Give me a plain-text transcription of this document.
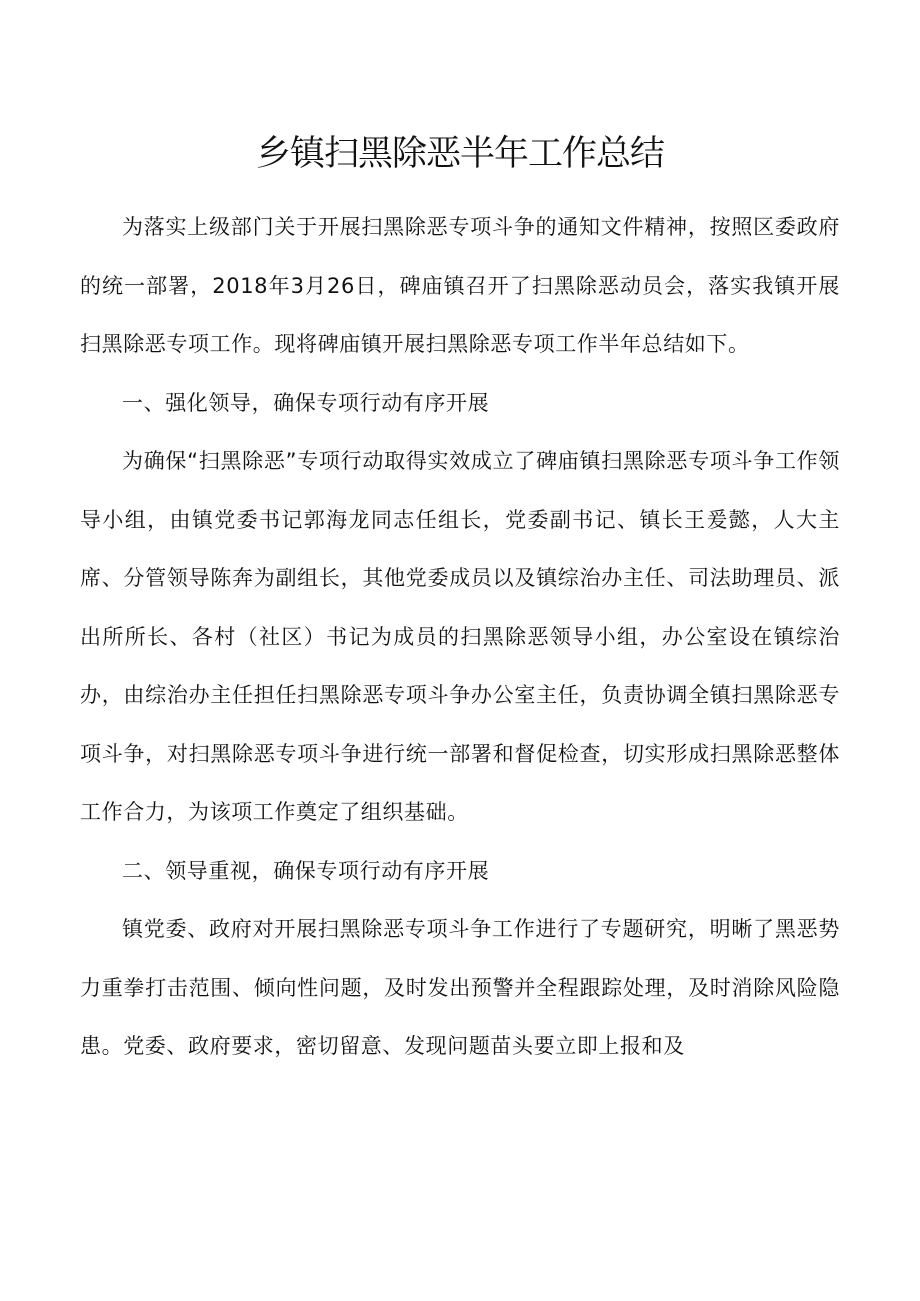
乡镇扫黑除恶半年工作总结

为落实上级部门关于开展扫黑除恶专项斗争的通知文件精神，按照区委政府的统一部署，2018年3月26日，碑庙镇召开了扫黑除恶动员会，落实我镇开展扫黑除恶专项工作。现将碑庙镇开展扫黑除恶专项工作半年总结如下。

一、强化领导，确保专项行动有序开展

为确保“扫黑除恶”专项行动取得实效成立了碑庙镇扫黑除恶专项斗争工作领导小组，由镇党委书记郭海龙同志任组长，党委副书记、镇长王爰懿，人大主席、分管领导陈奔为副组长，其他党委成员以及镇综治办主任、司法助理员、派出所所长、各村（社区）书记为成员的扫黑除恶领导小组，办公室设在镇综治办，由综治办主任担任扫黑除恶专项斗争办公室主任，负责协调全镇扫黑除恶专项斗争，对扫黑除恶专项斗争进行统一部署和督促检查，切实形成扫黑除恶整体工作合力，为该项工作奠定了组织基础。

二、领导重视，确保专项行动有序开展

镇党委、政府对开展扫黑除恶专项斗争工作进行了专题研究，明晰了黑恶势力重拳打击范围、倾向性问题，及时发出预警并全程跟踪处理，及时消除风险隐患。党委、政府要求，密切留意、发现问题苗头要立即上报和及
